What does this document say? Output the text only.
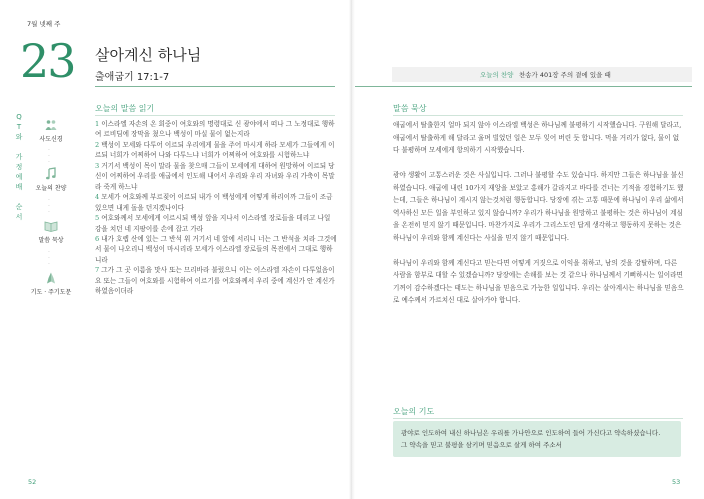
7월 넷째 주
23 살아계신 하나님
출애굽기 17:1-7
Q
T
와

가
정
예
배

순
서
사도신경
·
·
·
오늘의 찬양
·
·
·
말씀 묵상
·
·
·
기도 · 주기도문
오늘의 말씀 읽기
1 이스라엘 자손의 온 회중이 여호와의 명령대로 신 광야에서 떠나 그 노정대로 행하여 르비딤에 장막을 쳤으나 백성이 마실 물이 없는지라
2 백성이 모세와 다투어 이르되 우리에게 물을 주어 마시게 하라 모세가 그들에게 이르되 너희가 어찌하여 나와 다투느냐 너희가 어찌하여 여호와를 시험하느냐
3 거기서 백성이 목이 말라 물을 찾으매 그들이 모세에게 대하여 원망하여 이르되 당신이 어찌하여 우리를 애굽에서 인도해 내어서 우리와 우리 자녀와 우리 가축이 목말라 죽게 하느냐
4 모세가 여호와께 부르짖어 이르되 내가 이 백성에게 어떻게 하리이까 그들이 조금 있으면 내게 돌을 던지겠나이다
5 여호와께서 모세에게 이르시되 백성 앞을 지나서 이스라엘 장로들을 데리고 나일 강을 치던 네 지팡이를 손에 잡고 가라
6 내가 호렙 산에 있는 그 반석 위 거기서 네 앞에 서리니 너는 그 반석을 치라 그것에서 물이 나오리니 백성이 마시리라 모세가 이스라엘 장로들의 목전에서 그대로 행하니라
7 그가 그 곳 이름을 맛사 또는 므리바라 불렀으니 이는 이스라엘 자손이 다투었음이요 또는 그들이 여호와를 시험하여 이르기를 여호와께서 우리 중에 계신가 안 계신가 하였음이더라
52
오늘의 찬양 찬송가 401장 주의 곁에 있을 때
말씀 묵상

애굽에서 탈출한지 얼마 되지 않아 이스라엘 백성은 하나님께 불평하기 시작했습니다. 구원해 달라고, 애굽에서 탈출하게 해 달라고 울며 빌었던 일은 모두 잊어 버린 듯 합니다. 먹을 거리가 없다, 물이 없다 불평하며 모세에게 항의하기 시작했습니다.

광야 생활이 고통스러운 것은 사실입니다. 그러나 불평할 수도 있습니다. 하지만 그들은 하나님을 불신하였습니다. 애굽에 내린 10가지 재앙을 보았고 홍해가 갈라지고 바다를 건너는 기적을 경험하기도 했는데, 그들은 하나님이 계시지 않는것처럼 행동합니다. 당장에 겪는 고통 때문에 하나님이 우리 삶에서 역사하신 모든 일을 부인하고 있지 않습니까? 우리가 하나님을 원망하고 불평하는 것은 하나님이 계심을 온전히 믿지 않기 때문입니다. 마찬가지로 우리가 그리스도인 답게 생각하고 행동하지 못하는 것은 하나님이 우리와 함께 계신다는 사실을 믿지 않기 때문입니다.

하나님이 우리와 함께 계신다고 믿는다면 어떻게 거짓으로 이익을 취하고, 남의 것을 강탈하며, 다른 사람을 함부로 대할 수 있겠습니까? 당장에는 손해를 보는 것 같으나 하나님께서 기뻐하시는 일이라면 기꺼이 감수하겠다는 태도는 하나님을 믿음으로 가능한 일입니다. 우리는 살아계시는 하나님을 믿음으로 예수께서 가르치신 대로 살아가야 합니다.

오늘의 기도
광야로 인도하여 내신 하나님은 우리를 가나안으로 인도하여 들어 가신다고 약속하셨습니다.
그 약속을 믿고 불평을 삼키며 믿음으로 살게 하여 주소서
53
